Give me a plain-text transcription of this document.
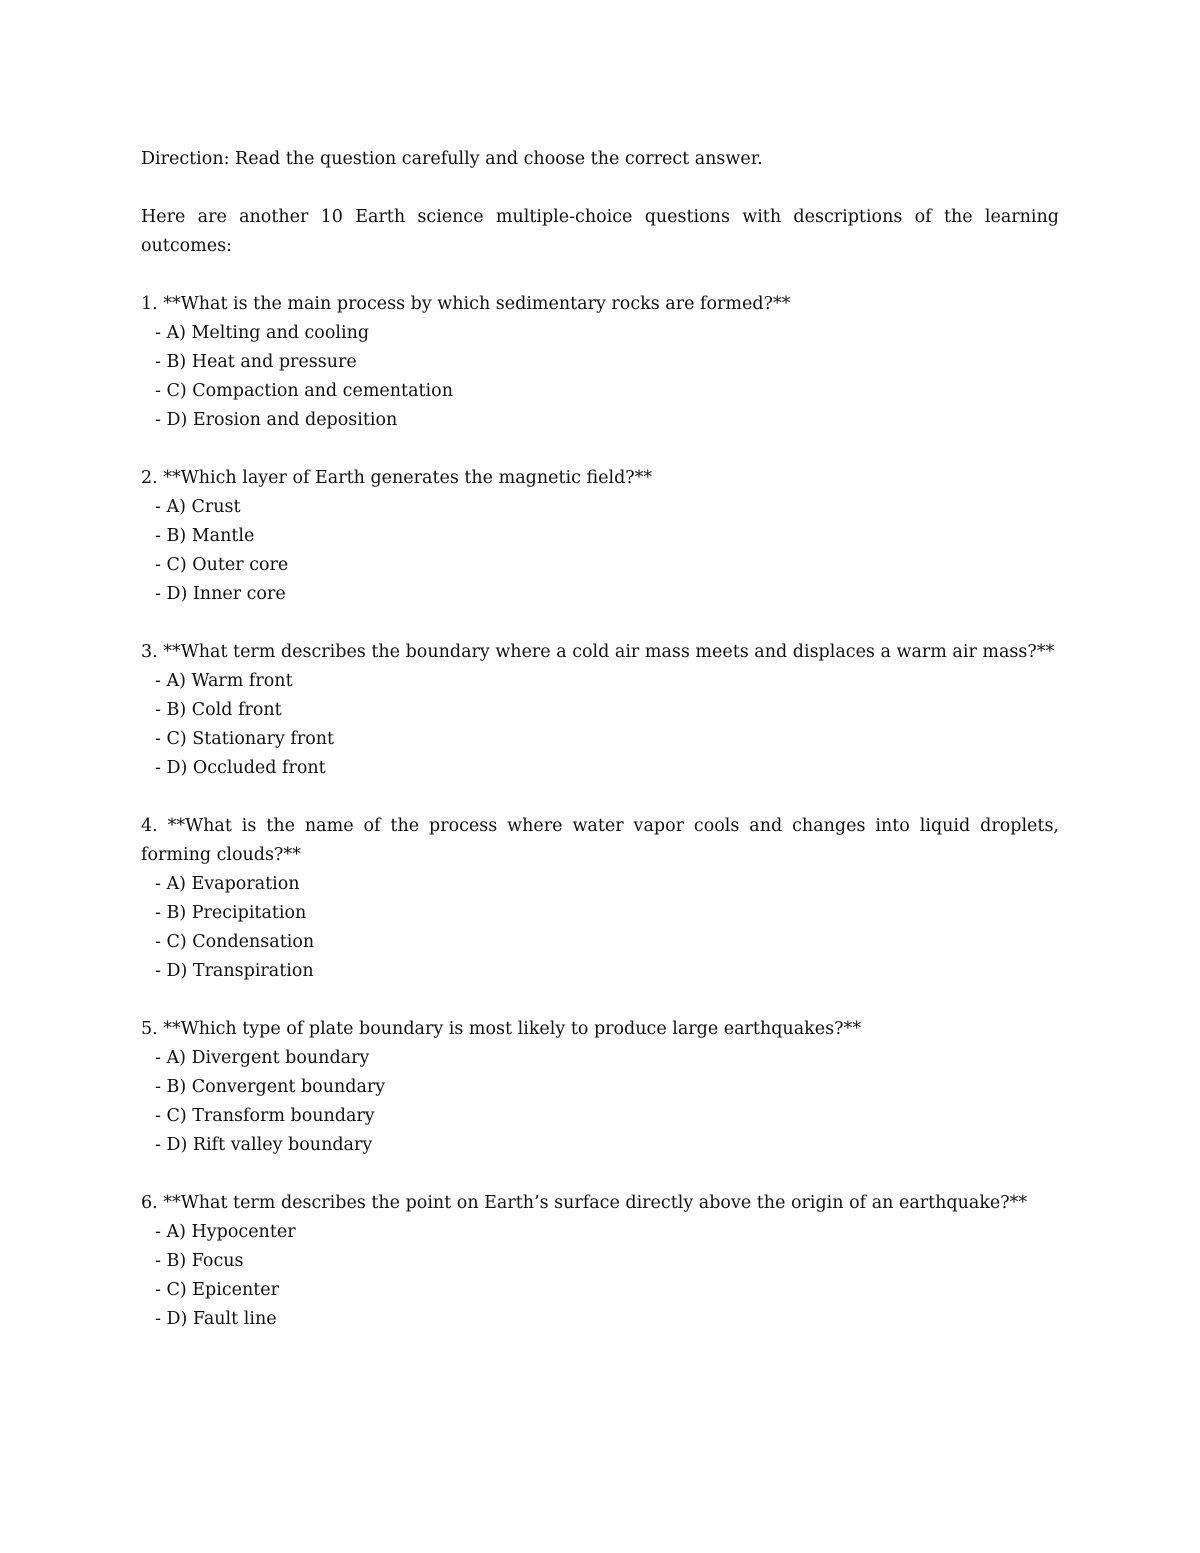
Direction: Read the question carefully and choose the correct answer.

Here are another 10 Earth science multiple-choice questions with descriptions of the learning outcomes:

1. **What is the main process by which sedimentary rocks are formed?**

- A) Melting and cooling

- B) Heat and pressure

- C) Compaction and cementation

- D) Erosion and deposition

2. **Which layer of Earth generates the magnetic field?**

- A) Crust

- B) Mantle

- C) Outer core

- D) Inner core

3. **What term describes the boundary where a cold air mass meets and displaces a warm air mass?**

- A) Warm front

- B) Cold front

- C) Stationary front

- D) Occluded front

4. **What is the name of the process where water vapor cools and changes into liquid droplets, forming clouds?**

- A) Evaporation

- B) Precipitation

- C) Condensation

- D) Transpiration

5. **Which type of plate boundary is most likely to produce large earthquakes?**

- A) Divergent boundary

- B) Convergent boundary

- C) Transform boundary

- D) Rift valley boundary

6. **What term describes the point on Earth’s surface directly above the origin of an earthquake?**

- A) Hypocenter

- B) Focus

- C) Epicenter

- D) Fault line
